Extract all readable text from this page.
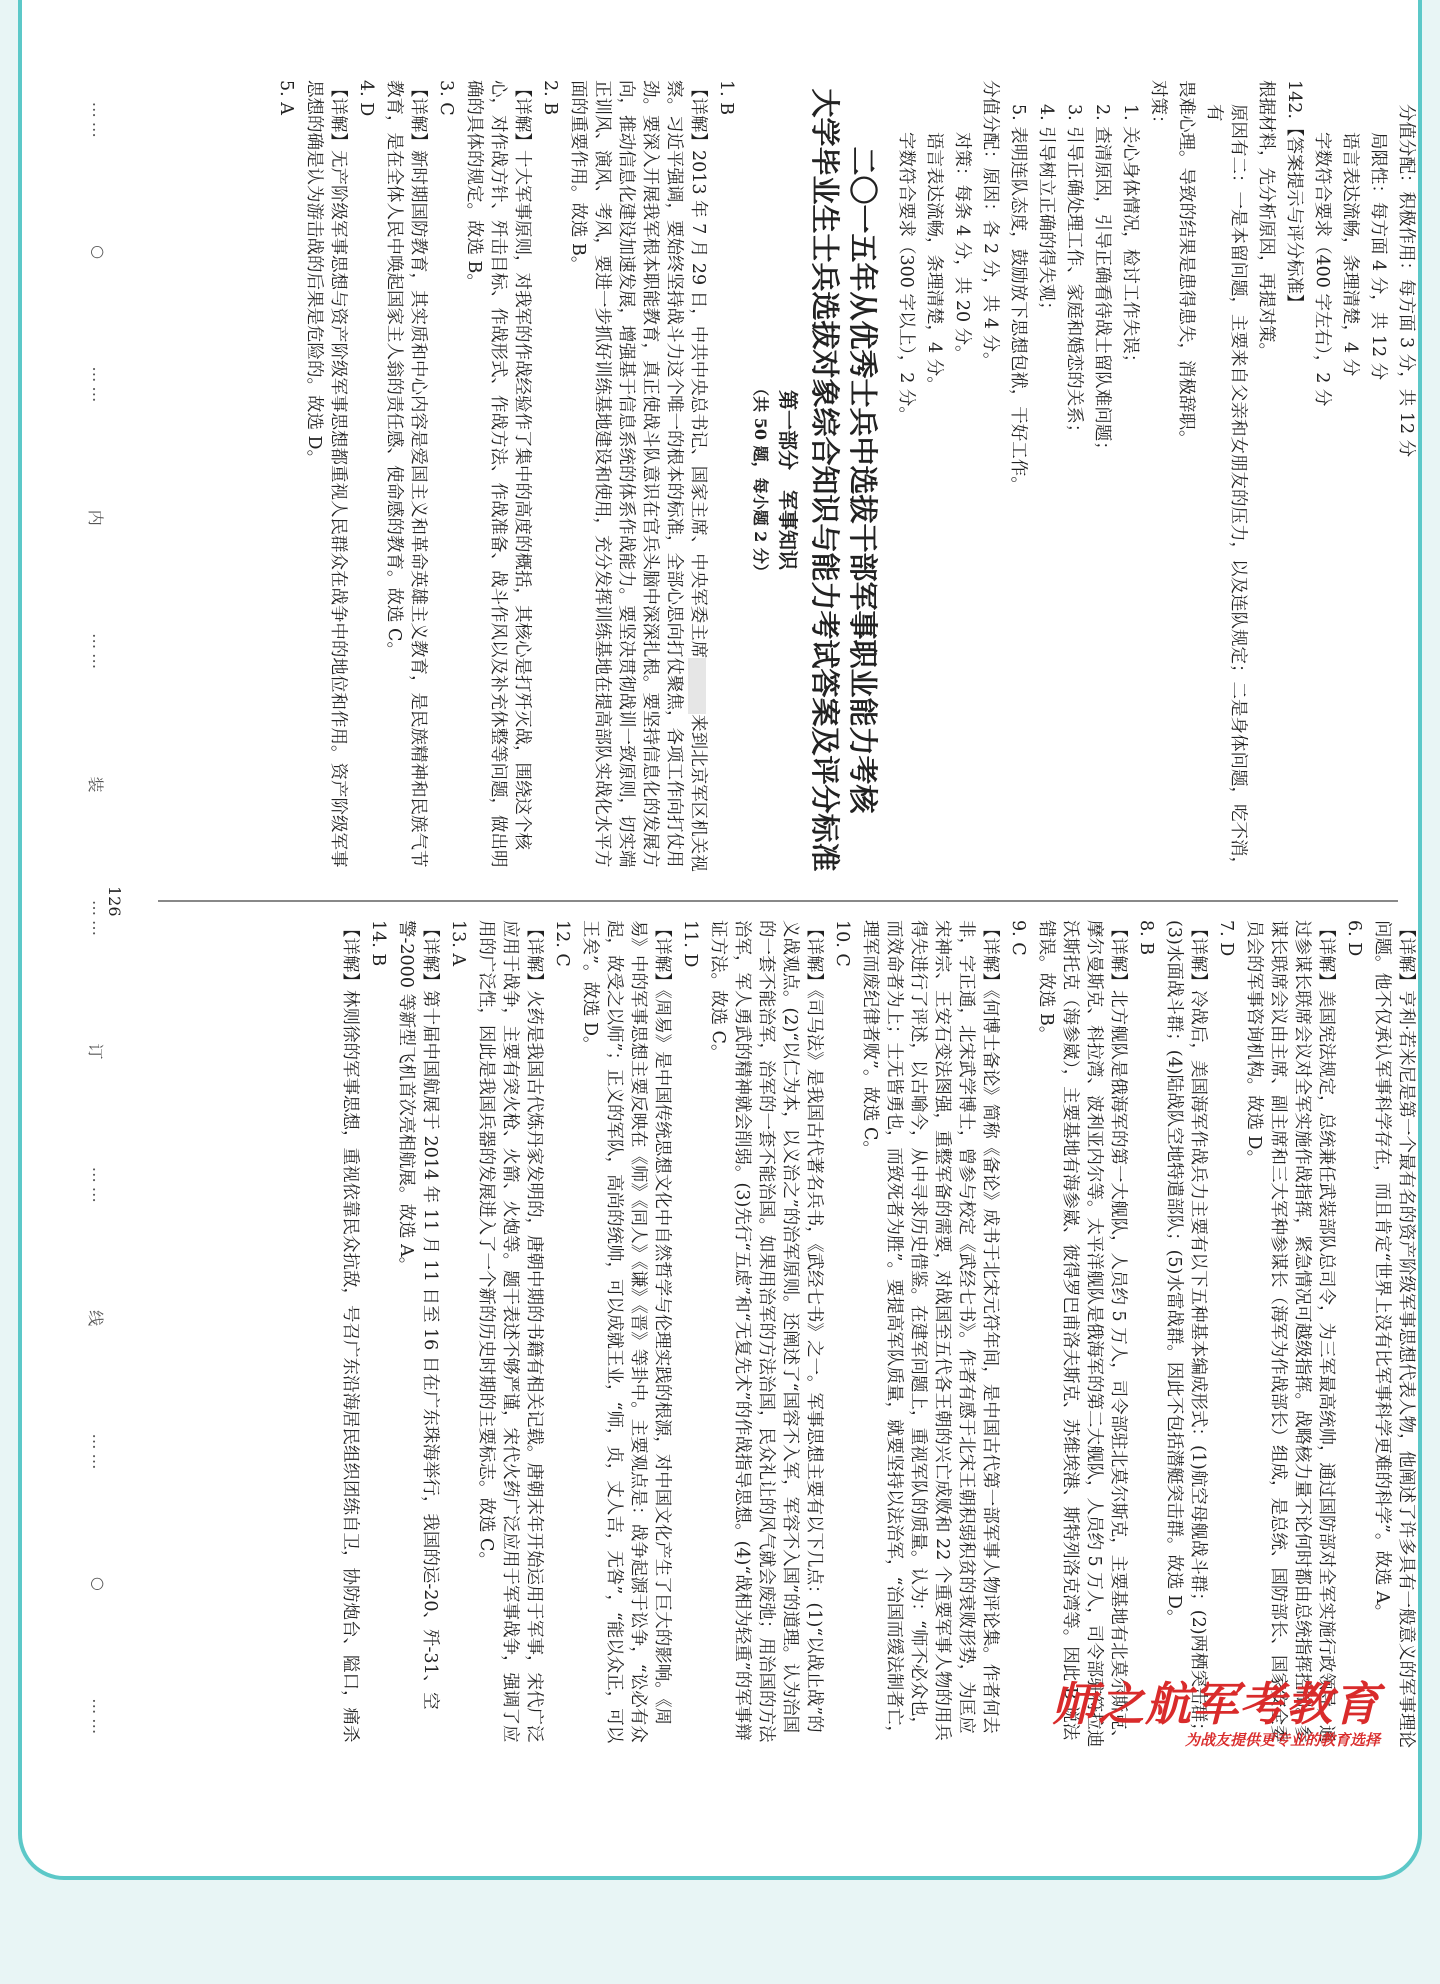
分值分配：积极作用：每方面 3 分，共 12 分

局限性：每方面 4 分，共 12 分

语言表达流畅，条理清楚，4 分

字数符合要求（400 字左右），2 分

142.【答案提示与评分标准】

根据材料，先分析原因，再提对策。

原因有二：一是本留问题，主要来自父亲和女朋友的压力，以及连队规定；二是身体问题，吃不消，有

畏难心理。导致的结果是患得患失，消极辞职。

对策：

1. 关心身体情况，检讨工作失误；

2. 查清原因，引导正确看待战士留队难问题；

3. 引导正确处理工作、家庭和婚恋的关系；

4. 引导树立正确的得失观；

5. 表明连队态度，鼓励放下思想包袱，干好工作。

分值分配：原因：各 2 分，共 4 分。

对策：每条 4 分，共 20 分。

语言表达流畅，条理清楚，4 分。

字数符合要求（300 字以上），2 分。

二〇一五年从优秀士兵中选拔干部军事职业能力考核
大学毕业生士兵选拔对象综合知识与能力考试答案及评分标准
第一部分　军事知识
（共 50 题，每小题 2 分）

1. B

【详解】2013 年 7 月 29 日，中共中央总书记、国家主席、中央军委主席来到北京军区机关视察。习近平强调，要始终坚持战斗力这个唯一的根本的标准，全部心思向打仗聚焦，各项工作向打仗用劲。要深入开展我军根本职能教育，真正使战斗队意识在官兵头脑中深深扎根。要坚持信息化的发展方向，推动信息化建设加速发展，增强基于信息系统的体系作战能力。要坚决贯彻战训一致原则，切实端正训风、演风、考风，要进一步抓好训练基地建设和使用，充分发挥训练基地在提高部队实战化水平方面的重要作用。故选 B。

2. B

【详解】十大军事原则，对我军的作战经验作了集中的高度的概括，其核心是打歼灭战，围绕这个核心，对作战方针、歼击目标、作战形式、作战方法、作战准备、战斗作风以及补充休整等问题，做出明确的具体的规定。故选 B。

3. C

【详解】新时期国防教育，其实质和中心内容是爱国主义和革命英雄主义教育，是民族精神和民族气节教育，是在全体人民中唤起国家主人翁的责任感、使命感的教育。故选 C。

4. D

【详解】无产阶级军事思想与资产阶级军事思想都重视人民群众在战争中的地位和作用。资产阶级军事思想的确是认为游击战的后果是危险的。故选 D。

5. A

126

【详解】亨利·若米尼是第一个最有名的资产阶级军事思想代表人物，他阐述了许多具有一般意义的军事理论问题。他不仅承认军事科学存在，而且肯定“世界上没有比军事科学更难的科学”。故选 A。

6. D

【详解】美国宪法规定，总统兼任武装部队总司令，为三军最高统帅，通过国防部对全军实施行政领导，通过参谋长联席会议对全军实施作战指挥，紧急情况可越级指挥。战略核力量不论何时都由总统指挥控制。参谋长联席会议由主席、副主席和三大军种参谋长（海军为作战部长）组成，是总统、国防部长、国家安全委员会的军事咨询机构。故选 D。

7. D

【详解】冷战后，美国海军作战兵力主要有以下五种基本编成形式：(1)航空母舰战斗群；(2)两栖突击群；(3)水面战斗群；(4)陆战队空地特遣部队；(5)水雷战群。因此不包括潜艇突击群。故选 D。

8. B

【详解】北方舰队是俄海军的第一大舰队，人员约 5 万人，司令部驻北莫尔斯克，主要基地有北莫尔斯克、摩尔曼斯克、科拉湾、波利亚内尔等。太平洋舰队是俄海军的第二大舰队，人员约 5 万人，司令部驻符拉迪沃斯托克（海参崴），主要基地有海参崴、彼得罗巴甫洛夫斯克、苏维埃港、斯特列洛克湾等。因此 B 说法错误。故选 B。

9. C

【详解】《何博士备论》简称《备论》成书于北宋元符年间，是中国古代第一部军事人物评论集。作者何去非，字正通，北宋武学博士，曾参与校定《武经七书》。作者有感于北宋王朝积弱积贫的衰败形势，为匡应宋神宗、王安石变法图强，重整军备的需要，对战国至五代各王朝的兴亡成败和 22 个重要军事人物的用兵得失进行了评述，以古喻今，从中寻求历史借鉴。在建军问题上，重视军队的质量。认为：“师不必众也，而效命者为上；士无皆勇也，而致死者为胜”。要提高军队质量，就要坚持以法治军，“治国而缓法制者亡，理军而废纪律者败”。故选 C。

10. C

【详解】《司马法》是我国古代著名兵书，《武经七书》之一。军事思想主要有以下几点：(1)“以战止战”的义战观点。(2)“以仁为本，以义治之”的治军原则。还阐述了“国容不入军，军容不入国”的道理。认为治国的一套不能治军，治军的一套不能治国。如果用治军的方法治国，民众礼让的风气就会废弛；用治国的方法治军，军人勇武的精神就会削弱。(3)先行“五虑”和“无复先术”的作战指导思想。(4)“战相为轻重”的军事辩证方法。故选 C。

11. D

【详解】《周易》是中国传统思想文化中自然哲学与伦理实践的根源，对中国文化产生了巨大的影响。《周易》中的军事思想主要反映在《师》《同人》《谦》《晋》等卦中。主要观点是：战争起源于讼争，“讼必有众起，故受之以师”；正义的军队，高尚的统帅，可以成就王业，“师，贞，丈人吉，无咎”，“能以众正，可以王矣”。故选 D。

12. C

【详解】火药是我国古代炼丹家发明的，唐朝中期的书籍有相关记载。唐朝末年开始运用于军事，宋代广泛应用于战争，主要有突火枪、火箭、火炮等。题干表述不够严谨，宋代火药广泛应用于军事战争，强调了应用的广泛性，因此是我国兵器的发展进入了一个新的历史时期的主要标志。故选 C。

13. A

【详解】第十届中国航展于 2014 年 11 月 11 日至 16 日在广东珠海举行，我国的运-20、歼-31、空警-2000 等新型飞机首次亮相航展。故选 A。

14. B

【详解】林则徐的军事思想，重视依靠民众抗敌，号召广东沿海居民组织团练自卫，协防炮台、隘口，痛杀

……
○
……
内
……
装
……
订
……
线
……
○
……	师之航军考教育
为战友提供更专业的教育选择
